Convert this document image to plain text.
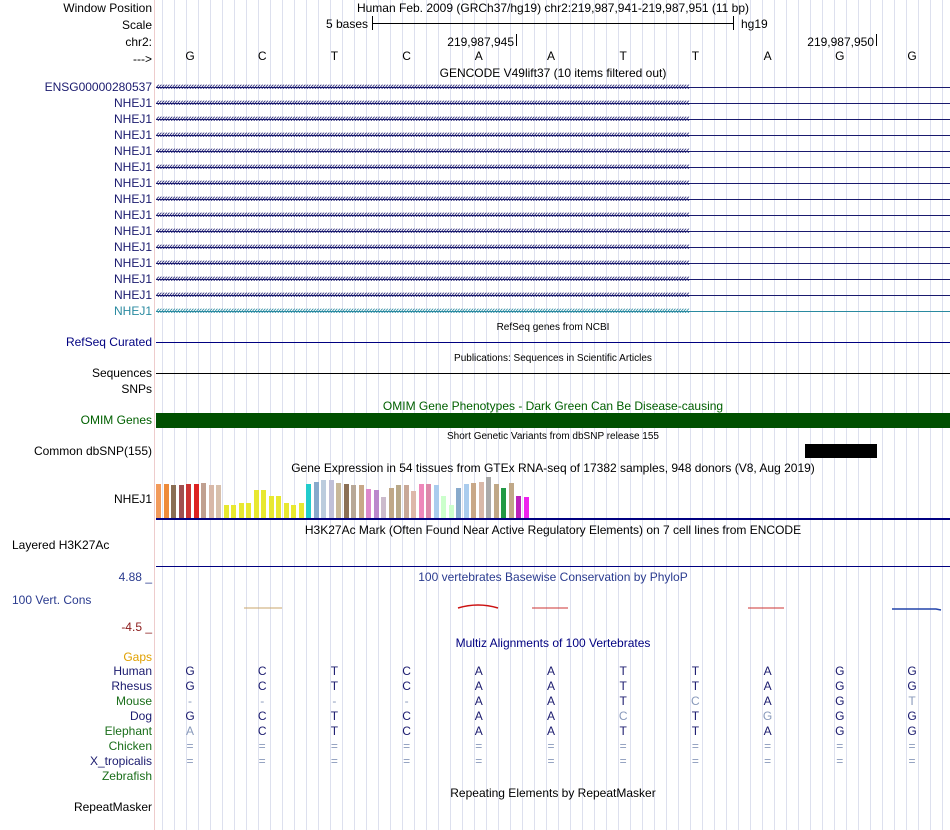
Window Position	Human Feb. 2009 (GRCh37/hg19) chr2:219,987,941-219,987,951 (11 bp)
Scale	5 bases	hg19
chr2:	219,987,945	219,987,950
--->	G	C	T	C	A	A	T	T	A	G	G
GENCODE V49lift37 (10 items filtered out)
ENSG00000280537 ‹‹‹‹‹‹‹‹‹‹‹‹‹‹‹‹‹‹‹‹‹‹‹‹‹‹‹‹‹‹‹‹‹‹‹‹‹‹‹‹‹‹‹‹‹‹‹‹‹‹‹‹‹‹‹‹‹‹‹‹‹‹‹‹‹‹‹‹‹‹‹‹‹‹‹‹‹‹‹‹‹‹‹‹‹‹‹‹‹‹‹‹‹‹‹‹‹‹‹‹‹‹‹‹‹‹‹‹‹‹‹‹‹‹‹‹‹‹‹‹‹‹‹‹‹‹‹‹‹‹‹‹‹‹‹‹‹‹‹‹‹‹‹‹‹‹‹‹‹‹‹‹‹‹‹‹‹‹‹‹‹‹‹‹‹‹‹‹‹‹‹‹‹‹‹‹‹‹‹‹‹‹‹‹‹‹‹‹‹‹‹‹‹‹‹‹‹‹‹‹
NHEJ1 ‹‹‹‹‹‹‹‹‹‹‹‹‹‹‹‹‹‹‹‹‹‹‹‹‹‹‹‹‹‹‹‹‹‹‹‹‹‹‹‹‹‹‹‹‹‹‹‹‹‹‹‹‹‹‹‹‹‹‹‹‹‹‹‹‹‹‹‹‹‹‹‹‹‹‹‹‹‹‹‹‹‹‹‹‹‹‹‹‹‹‹‹‹‹‹‹‹‹‹‹‹‹‹‹‹‹‹‹‹‹‹‹‹‹‹‹‹‹‹‹‹‹‹‹‹‹‹‹‹‹‹‹‹‹‹‹‹‹‹‹‹‹‹‹‹‹‹‹‹‹‹‹‹‹‹‹‹‹‹‹‹‹‹‹‹‹‹‹‹‹‹‹‹‹‹‹‹‹‹‹‹‹‹‹‹‹‹‹‹‹‹‹‹‹‹‹‹‹‹‹
NHEJ1 ‹‹‹‹‹‹‹‹‹‹‹‹‹‹‹‹‹‹‹‹‹‹‹‹‹‹‹‹‹‹‹‹‹‹‹‹‹‹‹‹‹‹‹‹‹‹‹‹‹‹‹‹‹‹‹‹‹‹‹‹‹‹‹‹‹‹‹‹‹‹‹‹‹‹‹‹‹‹‹‹‹‹‹‹‹‹‹‹‹‹‹‹‹‹‹‹‹‹‹‹‹‹‹‹‹‹‹‹‹‹‹‹‹‹‹‹‹‹‹‹‹‹‹‹‹‹‹‹‹‹‹‹‹‹‹‹‹‹‹‹‹‹‹‹‹‹‹‹‹‹‹‹‹‹‹‹‹‹‹‹‹‹‹‹‹‹‹‹‹‹‹‹‹‹‹‹‹‹‹‹‹‹‹‹‹‹‹‹‹‹‹‹‹‹‹‹‹‹‹‹
NHEJ1 ‹‹‹‹‹‹‹‹‹‹‹‹‹‹‹‹‹‹‹‹‹‹‹‹‹‹‹‹‹‹‹‹‹‹‹‹‹‹‹‹‹‹‹‹‹‹‹‹‹‹‹‹‹‹‹‹‹‹‹‹‹‹‹‹‹‹‹‹‹‹‹‹‹‹‹‹‹‹‹‹‹‹‹‹‹‹‹‹‹‹‹‹‹‹‹‹‹‹‹‹‹‹‹‹‹‹‹‹‹‹‹‹‹‹‹‹‹‹‹‹‹‹‹‹‹‹‹‹‹‹‹‹‹‹‹‹‹‹‹‹‹‹‹‹‹‹‹‹‹‹‹‹‹‹‹‹‹‹‹‹‹‹‹‹‹‹‹‹‹‹‹‹‹‹‹‹‹‹‹‹‹‹‹‹‹‹‹‹‹‹‹‹‹‹‹‹‹‹‹‹
NHEJ1 ‹‹‹‹‹‹‹‹‹‹‹‹‹‹‹‹‹‹‹‹‹‹‹‹‹‹‹‹‹‹‹‹‹‹‹‹‹‹‹‹‹‹‹‹‹‹‹‹‹‹‹‹‹‹‹‹‹‹‹‹‹‹‹‹‹‹‹‹‹‹‹‹‹‹‹‹‹‹‹‹‹‹‹‹‹‹‹‹‹‹‹‹‹‹‹‹‹‹‹‹‹‹‹‹‹‹‹‹‹‹‹‹‹‹‹‹‹‹‹‹‹‹‹‹‹‹‹‹‹‹‹‹‹‹‹‹‹‹‹‹‹‹‹‹‹‹‹‹‹‹‹‹‹‹‹‹‹‹‹‹‹‹‹‹‹‹‹‹‹‹‹‹‹‹‹‹‹‹‹‹‹‹‹‹‹‹‹‹‹‹‹‹‹‹‹‹‹‹‹‹
NHEJ1 ‹‹‹‹‹‹‹‹‹‹‹‹‹‹‹‹‹‹‹‹‹‹‹‹‹‹‹‹‹‹‹‹‹‹‹‹‹‹‹‹‹‹‹‹‹‹‹‹‹‹‹‹‹‹‹‹‹‹‹‹‹‹‹‹‹‹‹‹‹‹‹‹‹‹‹‹‹‹‹‹‹‹‹‹‹‹‹‹‹‹‹‹‹‹‹‹‹‹‹‹‹‹‹‹‹‹‹‹‹‹‹‹‹‹‹‹‹‹‹‹‹‹‹‹‹‹‹‹‹‹‹‹‹‹‹‹‹‹‹‹‹‹‹‹‹‹‹‹‹‹‹‹‹‹‹‹‹‹‹‹‹‹‹‹‹‹‹‹‹‹‹‹‹‹‹‹‹‹‹‹‹‹‹‹‹‹‹‹‹‹‹‹‹‹‹‹‹‹‹‹
NHEJ1 ‹‹‹‹‹‹‹‹‹‹‹‹‹‹‹‹‹‹‹‹‹‹‹‹‹‹‹‹‹‹‹‹‹‹‹‹‹‹‹‹‹‹‹‹‹‹‹‹‹‹‹‹‹‹‹‹‹‹‹‹‹‹‹‹‹‹‹‹‹‹‹‹‹‹‹‹‹‹‹‹‹‹‹‹‹‹‹‹‹‹‹‹‹‹‹‹‹‹‹‹‹‹‹‹‹‹‹‹‹‹‹‹‹‹‹‹‹‹‹‹‹‹‹‹‹‹‹‹‹‹‹‹‹‹‹‹‹‹‹‹‹‹‹‹‹‹‹‹‹‹‹‹‹‹‹‹‹‹‹‹‹‹‹‹‹‹‹‹‹‹‹‹‹‹‹‹‹‹‹‹‹‹‹‹‹‹‹‹‹‹‹‹‹‹‹‹‹‹‹‹
NHEJ1 ‹‹‹‹‹‹‹‹‹‹‹‹‹‹‹‹‹‹‹‹‹‹‹‹‹‹‹‹‹‹‹‹‹‹‹‹‹‹‹‹‹‹‹‹‹‹‹‹‹‹‹‹‹‹‹‹‹‹‹‹‹‹‹‹‹‹‹‹‹‹‹‹‹‹‹‹‹‹‹‹‹‹‹‹‹‹‹‹‹‹‹‹‹‹‹‹‹‹‹‹‹‹‹‹‹‹‹‹‹‹‹‹‹‹‹‹‹‹‹‹‹‹‹‹‹‹‹‹‹‹‹‹‹‹‹‹‹‹‹‹‹‹‹‹‹‹‹‹‹‹‹‹‹‹‹‹‹‹‹‹‹‹‹‹‹‹‹‹‹‹‹‹‹‹‹‹‹‹‹‹‹‹‹‹‹‹‹‹‹‹‹‹‹‹‹‹‹‹‹‹
NHEJ1 ‹‹‹‹‹‹‹‹‹‹‹‹‹‹‹‹‹‹‹‹‹‹‹‹‹‹‹‹‹‹‹‹‹‹‹‹‹‹‹‹‹‹‹‹‹‹‹‹‹‹‹‹‹‹‹‹‹‹‹‹‹‹‹‹‹‹‹‹‹‹‹‹‹‹‹‹‹‹‹‹‹‹‹‹‹‹‹‹‹‹‹‹‹‹‹‹‹‹‹‹‹‹‹‹‹‹‹‹‹‹‹‹‹‹‹‹‹‹‹‹‹‹‹‹‹‹‹‹‹‹‹‹‹‹‹‹‹‹‹‹‹‹‹‹‹‹‹‹‹‹‹‹‹‹‹‹‹‹‹‹‹‹‹‹‹‹‹‹‹‹‹‹‹‹‹‹‹‹‹‹‹‹‹‹‹‹‹‹‹‹‹‹‹‹‹‹‹‹‹‹
NHEJ1 ‹‹‹‹‹‹‹‹‹‹‹‹‹‹‹‹‹‹‹‹‹‹‹‹‹‹‹‹‹‹‹‹‹‹‹‹‹‹‹‹‹‹‹‹‹‹‹‹‹‹‹‹‹‹‹‹‹‹‹‹‹‹‹‹‹‹‹‹‹‹‹‹‹‹‹‹‹‹‹‹‹‹‹‹‹‹‹‹‹‹‹‹‹‹‹‹‹‹‹‹‹‹‹‹‹‹‹‹‹‹‹‹‹‹‹‹‹‹‹‹‹‹‹‹‹‹‹‹‹‹‹‹‹‹‹‹‹‹‹‹‹‹‹‹‹‹‹‹‹‹‹‹‹‹‹‹‹‹‹‹‹‹‹‹‹‹‹‹‹‹‹‹‹‹‹‹‹‹‹‹‹‹‹‹‹‹‹‹‹‹‹‹‹‹‹‹‹‹‹‹
NHEJ1 ‹‹‹‹‹‹‹‹‹‹‹‹‹‹‹‹‹‹‹‹‹‹‹‹‹‹‹‹‹‹‹‹‹‹‹‹‹‹‹‹‹‹‹‹‹‹‹‹‹‹‹‹‹‹‹‹‹‹‹‹‹‹‹‹‹‹‹‹‹‹‹‹‹‹‹‹‹‹‹‹‹‹‹‹‹‹‹‹‹‹‹‹‹‹‹‹‹‹‹‹‹‹‹‹‹‹‹‹‹‹‹‹‹‹‹‹‹‹‹‹‹‹‹‹‹‹‹‹‹‹‹‹‹‹‹‹‹‹‹‹‹‹‹‹‹‹‹‹‹‹‹‹‹‹‹‹‹‹‹‹‹‹‹‹‹‹‹‹‹‹‹‹‹‹‹‹‹‹‹‹‹‹‹‹‹‹‹‹‹‹‹‹‹‹‹‹‹‹‹‹
NHEJ1 ‹‹‹‹‹‹‹‹‹‹‹‹‹‹‹‹‹‹‹‹‹‹‹‹‹‹‹‹‹‹‹‹‹‹‹‹‹‹‹‹‹‹‹‹‹‹‹‹‹‹‹‹‹‹‹‹‹‹‹‹‹‹‹‹‹‹‹‹‹‹‹‹‹‹‹‹‹‹‹‹‹‹‹‹‹‹‹‹‹‹‹‹‹‹‹‹‹‹‹‹‹‹‹‹‹‹‹‹‹‹‹‹‹‹‹‹‹‹‹‹‹‹‹‹‹‹‹‹‹‹‹‹‹‹‹‹‹‹‹‹‹‹‹‹‹‹‹‹‹‹‹‹‹‹‹‹‹‹‹‹‹‹‹‹‹‹‹‹‹‹‹‹‹‹‹‹‹‹‹‹‹‹‹‹‹‹‹‹‹‹‹‹‹‹‹‹‹‹‹‹
NHEJ1 ‹‹‹‹‹‹‹‹‹‹‹‹‹‹‹‹‹‹‹‹‹‹‹‹‹‹‹‹‹‹‹‹‹‹‹‹‹‹‹‹‹‹‹‹‹‹‹‹‹‹‹‹‹‹‹‹‹‹‹‹‹‹‹‹‹‹‹‹‹‹‹‹‹‹‹‹‹‹‹‹‹‹‹‹‹‹‹‹‹‹‹‹‹‹‹‹‹‹‹‹‹‹‹‹‹‹‹‹‹‹‹‹‹‹‹‹‹‹‹‹‹‹‹‹‹‹‹‹‹‹‹‹‹‹‹‹‹‹‹‹‹‹‹‹‹‹‹‹‹‹‹‹‹‹‹‹‹‹‹‹‹‹‹‹‹‹‹‹‹‹‹‹‹‹‹‹‹‹‹‹‹‹‹‹‹‹‹‹‹‹‹‹‹‹‹‹‹‹‹‹
NHEJ1 ‹‹‹‹‹‹‹‹‹‹‹‹‹‹‹‹‹‹‹‹‹‹‹‹‹‹‹‹‹‹‹‹‹‹‹‹‹‹‹‹‹‹‹‹‹‹‹‹‹‹‹‹‹‹‹‹‹‹‹‹‹‹‹‹‹‹‹‹‹‹‹‹‹‹‹‹‹‹‹‹‹‹‹‹‹‹‹‹‹‹‹‹‹‹‹‹‹‹‹‹‹‹‹‹‹‹‹‹‹‹‹‹‹‹‹‹‹‹‹‹‹‹‹‹‹‹‹‹‹‹‹‹‹‹‹‹‹‹‹‹‹‹‹‹‹‹‹‹‹‹‹‹‹‹‹‹‹‹‹‹‹‹‹‹‹‹‹‹‹‹‹‹‹‹‹‹‹‹‹‹‹‹‹‹‹‹‹‹‹‹‹‹‹‹‹‹‹‹‹‹
NHEJ1 ‹‹‹‹‹‹‹‹‹‹‹‹‹‹‹‹‹‹‹‹‹‹‹‹‹‹‹‹‹‹‹‹‹‹‹‹‹‹‹‹‹‹‹‹‹‹‹‹‹‹‹‹‹‹‹‹‹‹‹‹‹‹‹‹‹‹‹‹‹‹‹‹‹‹‹‹‹‹‹‹‹‹‹‹‹‹‹‹‹‹‹‹‹‹‹‹‹‹‹‹‹‹‹‹‹‹‹‹‹‹‹‹‹‹‹‹‹‹‹‹‹‹‹‹‹‹‹‹‹‹‹‹‹‹‹‹‹‹‹‹‹‹‹‹‹‹‹‹‹‹‹‹‹‹‹‹‹‹‹‹‹‹‹‹‹‹‹‹‹‹‹‹‹‹‹‹‹‹‹‹‹‹‹‹‹‹‹‹‹‹‹‹‹‹‹‹‹‹‹‹
RefSeq genes from NCBI
RefSeq Curated
Publications: Sequences in Scientific Articles
Sequences
SNPs
OMIM Gene Phenotypes - Dark Green Can Be Disease-causing
OMIM Genes
Short Genetic Variants from dbSNP release 155
Common dbSNP(155)
Gene Expression in 54 tissues from GTEx RNA-seq of 17382 samples, 948 donors (V8, Aug 2019)
NHEJ1
H3K27Ac Mark (Often Found Near Active Regulatory Elements) on 7 cell lines from ENCODE
Layered H3K27Ac
100 vertebrates Basewise Conservation by PhyloP
4.88 _
100 Vert. Cons
-4.5 _
Multiz Alignments of 100 Vertebrates
Gaps
Human	G	C	T	C	A	A	T	T	A	G	G
Rhesus	G	C	T	C	A	A	T	T	A	G	G
Mouse	-	-	-	-	A	A	T	C	A	G	T
Dog	G	C	T	C	A	A	C	T	G	G	G
Elephant	A	C	T	C	A	A	T	T	A	G	G
Chicken	=	=	=	=	=	=	=	=	=	=	=
X_tropicalis	=	=	=	=	=	=	=	=	=	=	=
Zebrafish
Repeating Elements by RepeatMasker
RepeatMasker
